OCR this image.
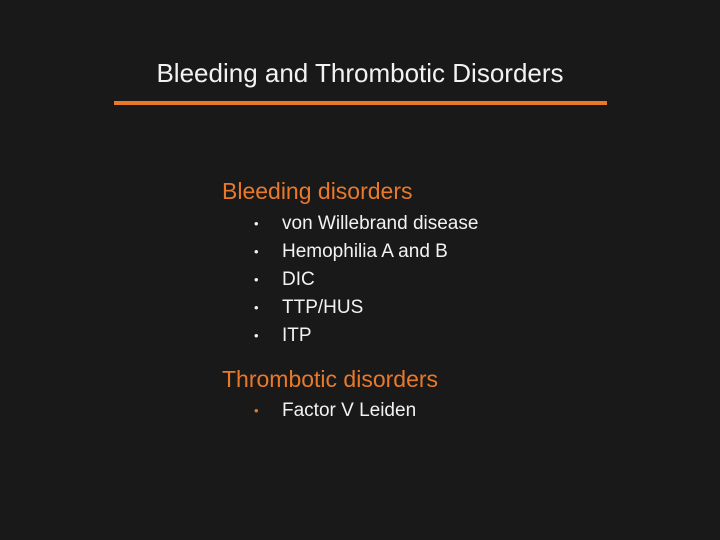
Bleeding and Thrombotic Disorders
Bleeding disorders
• von Willebrand disease
• Hemophilia A and B
• DIC
• TTP/HUS
• ITP
Thrombotic disorders
• Factor V Leiden
